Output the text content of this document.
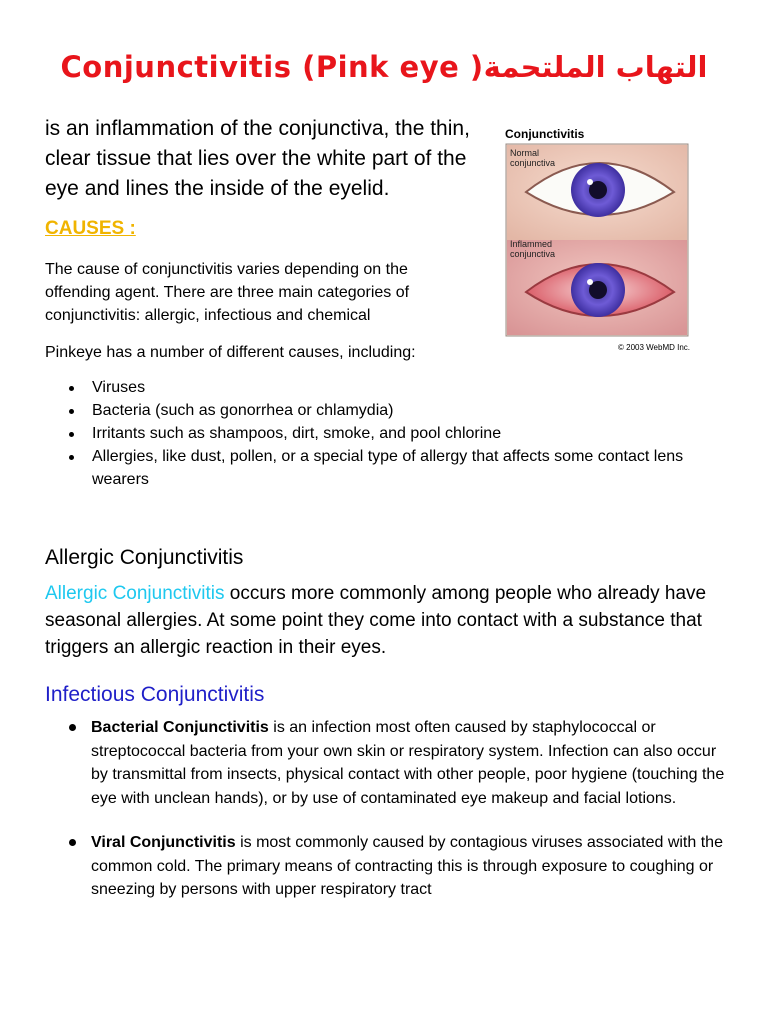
Conjunctivitis (Pink eye )التهاب الملتحمة
is an inflammation of the conjunctiva, the thin, clear tissue that lies over the white part of the eye and lines the inside of the eyelid.
Conjunctivitis
Normal
conjunctiva
Inflammed
conjunctiva
© 2003 WebMD Inc.
CAUSES :
The cause of conjunctivitis varies depending on the offending agent. There are three main categories of conjunctivitis: allergic, infectious and chemical
Pinkeye has a number of different causes, including:
Viruses
Bacteria (such as gonorrhea or chlamydia)
Irritants such as shampoos, dirt, smoke, and pool chlorine
Allergies, like dust, pollen, or a special type of allergy that affects some contact lens wearers
Allergic Conjunctivitis
Allergic Conjunctivitis occurs more commonly among people who already have seasonal allergies. At some point they come into contact with a substance that triggers an allergic reaction in their eyes.
Infectious Conjunctivitis
Bacterial Conjunctivitis is an infection most often caused by staphylococcal or streptococcal bacteria from your own skin or respiratory system. Infection can also occur by transmittal from insects, physical contact with other people, poor hygiene (touching the eye with unclean hands), or by use of contaminated eye makeup and facial lotions.
Viral Conjunctivitis is most commonly caused by contagious viruses associated with the common cold. The primary means of contracting this is through exposure to coughing or sneezing by persons with upper respiratory tract
